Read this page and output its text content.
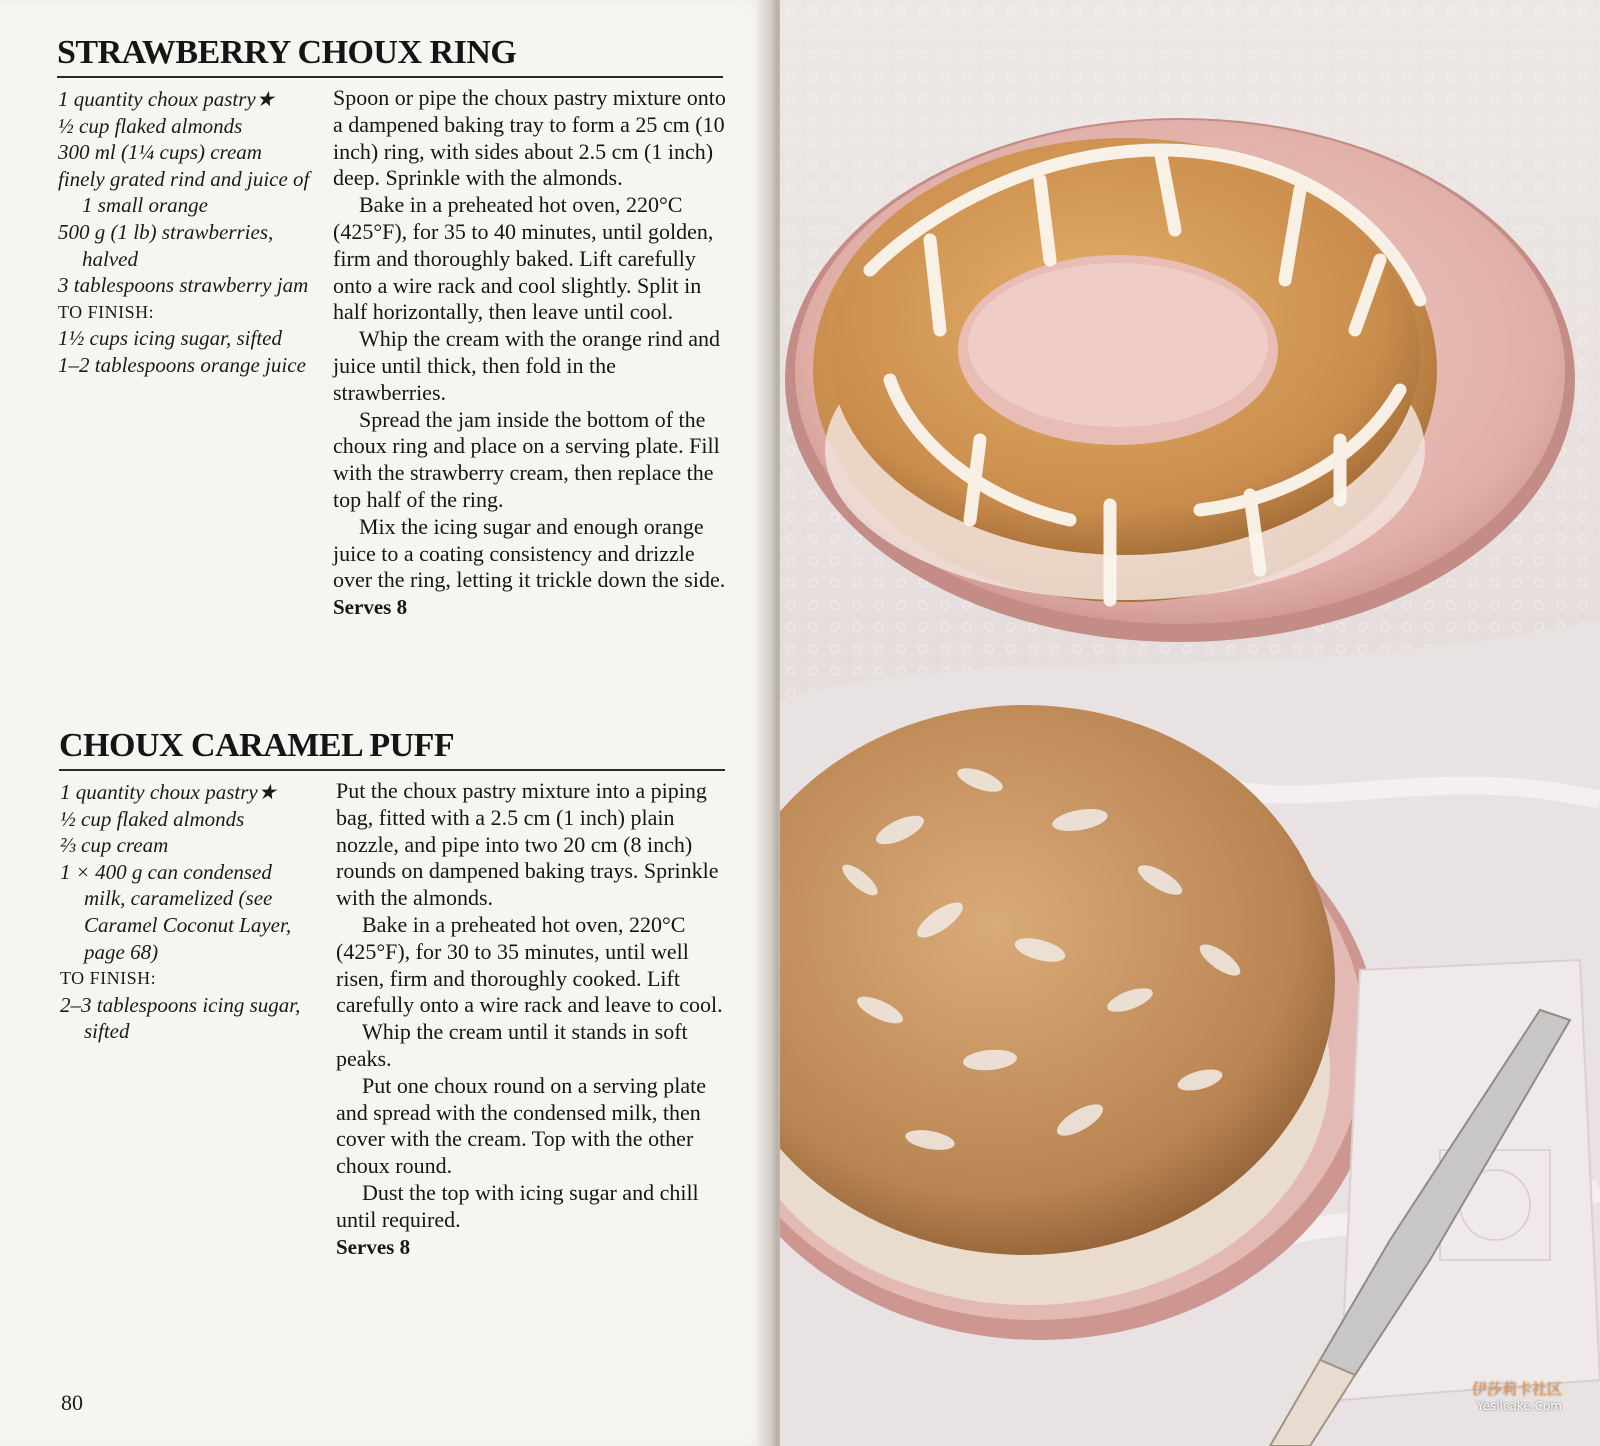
STRAWBERRY CHOUX RING
1 quantity choux pastry★
½ cup flaked almonds
300 ml (1¼ cups) cream
finely grated rind and juice of 1 small orange
500 g (1 lb) strawberries, halved
3 tablespoons strawberry jam
TO FINISH:
1½ cups icing sugar, sifted
1–2 tablespoons orange juice

Spoon or pipe the choux pastry mixture onto a dampened baking tray to form a 25 cm (10 inch) ring, with sides about 2.5 cm (1 inch) deep. Sprinkle with the almonds.

Bake in a preheated hot oven, 220°C (425°F), for 35 to 40 minutes, until golden, firm and thoroughly baked. Lift carefully onto a wire rack and cool slightly. Split in half horizontally, then leave until cool.

Whip the cream with the orange rind and juice until thick, then fold in the strawberries.

Spread the jam inside the bottom of the choux ring and place on a serving plate. Fill with the strawberry cream, then replace the top half of the ring.

Mix the icing sugar and enough orange juice to a coating consistency and drizzle over the ring, letting it trickle down the side.

Serves 8

CHOUX CARAMEL PUFF
1 quantity choux pastry★
½ cup flaked almonds
⅔ cup cream
1 × 400 g can condensed milk, caramelized (see Caramel Coconut Layer, page 68)
TO FINISH:
2–3 tablespoons icing sugar, sifted

Put the choux pastry mixture into a piping bag, fitted with a 2.5 cm (1 inch) plain nozzle, and pipe into two 20 cm (8 inch) rounds on dampened baking trays. Sprinkle with the almonds.

Bake in a preheated hot oven, 220°C (425°F), for 30 to 35 minutes, until well risen, firm and thoroughly cooked. Lift carefully onto a wire rack and leave to cool.

Whip the cream until it stands in soft peaks.

Put one choux round on a serving plate and spread with the condensed milk, then cover with the cream. Top with the other choux round.

Dust the top with icing sugar and chill until required.

Serves 8

80
伊莎莉卡社区
Yeslicake.Com
